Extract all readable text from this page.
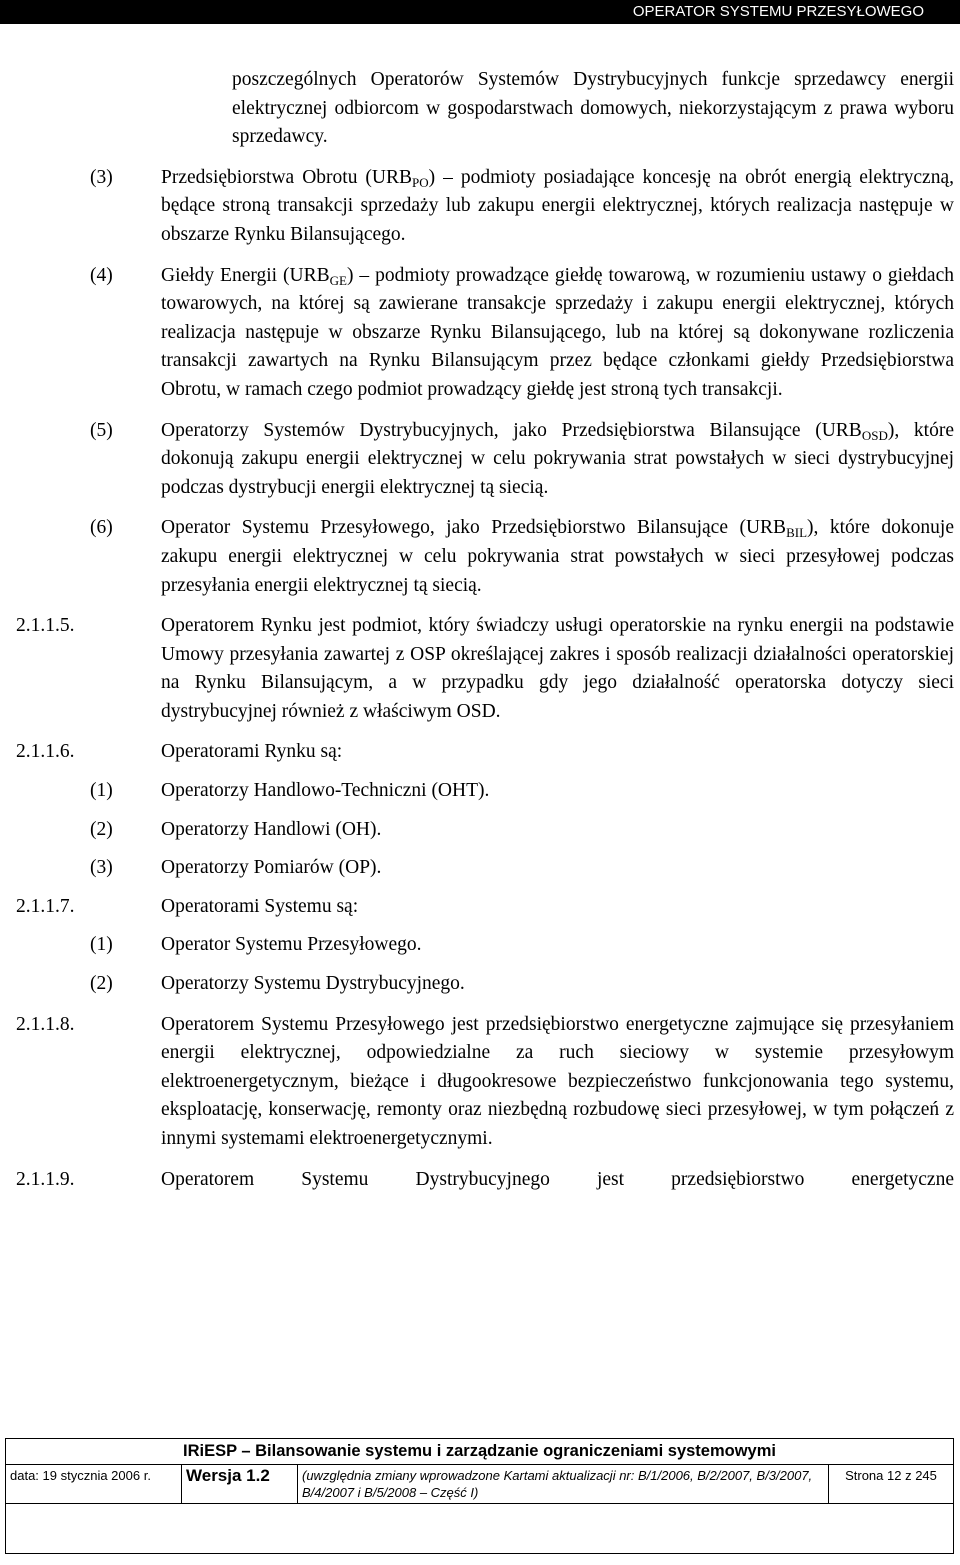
OPERATOR SYSTEMU PRZESYŁOWEGO
poszczególnych Operatorów Systemów Dystrybucyjnych funkcje sprzedawcy energii elektrycznej odbiorcom w gospodarstwach domowych, niekorzystającym z prawa wyboru sprzedawcy.
(3) Przedsiębiorstwa Obrotu $(URB_{PO})$ – podmioty posiadające koncesję na obrót energią elektryczną, będące stroną transakcji sprzedaży lub zakupu energii elektrycznej, których realizacja następuje w obszarze Rynku Bilansującego.
(4) Giełdy Energii $(URB_{GE})$ – podmioty prowadzące giełdę towarową, w rozumieniu ustawy o giełdach towarowych, na której są zawierane transakcje sprzedaży i zakupu energii elektrycznej, których realizacja następuje w obszarze Rynku Bilansującego, lub na której są dokonywane rozliczenia transakcji zawartych na Rynku Bilansującym przez będące członkami giełdy Przedsiębiorstwa Obrotu, w ramach czego podmiot prowadzący giełdę jest stroną tych transakcji.
(5) Operatorzy Systemów Dystrybucyjnych, jako Przedsiębiorstwa Bilansujące $(URB_{OSD})$, które dokonują zakupu energii elektrycznej w celu pokrywania strat powstałych w sieci dystrybucyjnej podczas dystrybucji energii elektrycznej tą siecią.
(6) Operator Systemu Przesyłowego, jako Przedsiębiorstwo Bilansujące $(URB_{BIL})$, które dokonuje zakupu energii elektrycznej w celu pokrywania strat powstałych w sieci przesyłowej podczas przesyłania energii elektrycznej tą siecią.
2.1.1.5.	Operatorem Rynku jest podmiot, który świadczy usługi operatorskie na rynku energii na podstawie Umowy przesyłania zawartej z OSP określającej zakres i sposób realizacji działalności operatorskiej na Rynku Bilansującym, a w przypadku gdy jego działalność operatorska dotyczy sieci dystrybucyjnej również z właściwym OSD.
2.1.1.6.	Operatorami Rynku są:
(1) Operatorzy Handlowo-Techniczni (OHT).
(2) Operatorzy Handlowi (OH).
(3) Operatorzy Pomiarów (OP).
2.1.1.7.	Operatorami Systemu są:
(1) Operator Systemu Przesyłowego.
(2) Operatorzy Systemu Dystrybucyjnego.
2.1.1.8.	Operatorem Systemu Przesyłowego jest przedsiębiorstwo energetyczne zajmujące się przesyłaniem energii elektrycznej, odpowiedzialne za ruch sieciowy w systemie przesyłowym elektroenergetycznym, bieżące i długookresowe bezpieczeństwo funkcjonowania tego systemu, eksploatację, konserwację, remonty oraz niezbędną rozbudowę sieci przesyłowej, w tym połączeń z innymi systemami elektroenergetycznymi.
2.1.1.9.	Operatorem Systemu Dystrybucyjnego jest przedsiębiorstwo energetyczne
IRiESP – Bilansowanie systemu i zarządzanie ograniczeniami systemowymi
data: 19 stycznia 2006 r.	Wersja 1.2	(uwzględnia zmiany wprowadzone Kartami aktualizacji nr: B/1/2006, B/2/2007, B/3/2007, B/4/2007 i B/5/2008 – Część I)
Strona 12 z 245
